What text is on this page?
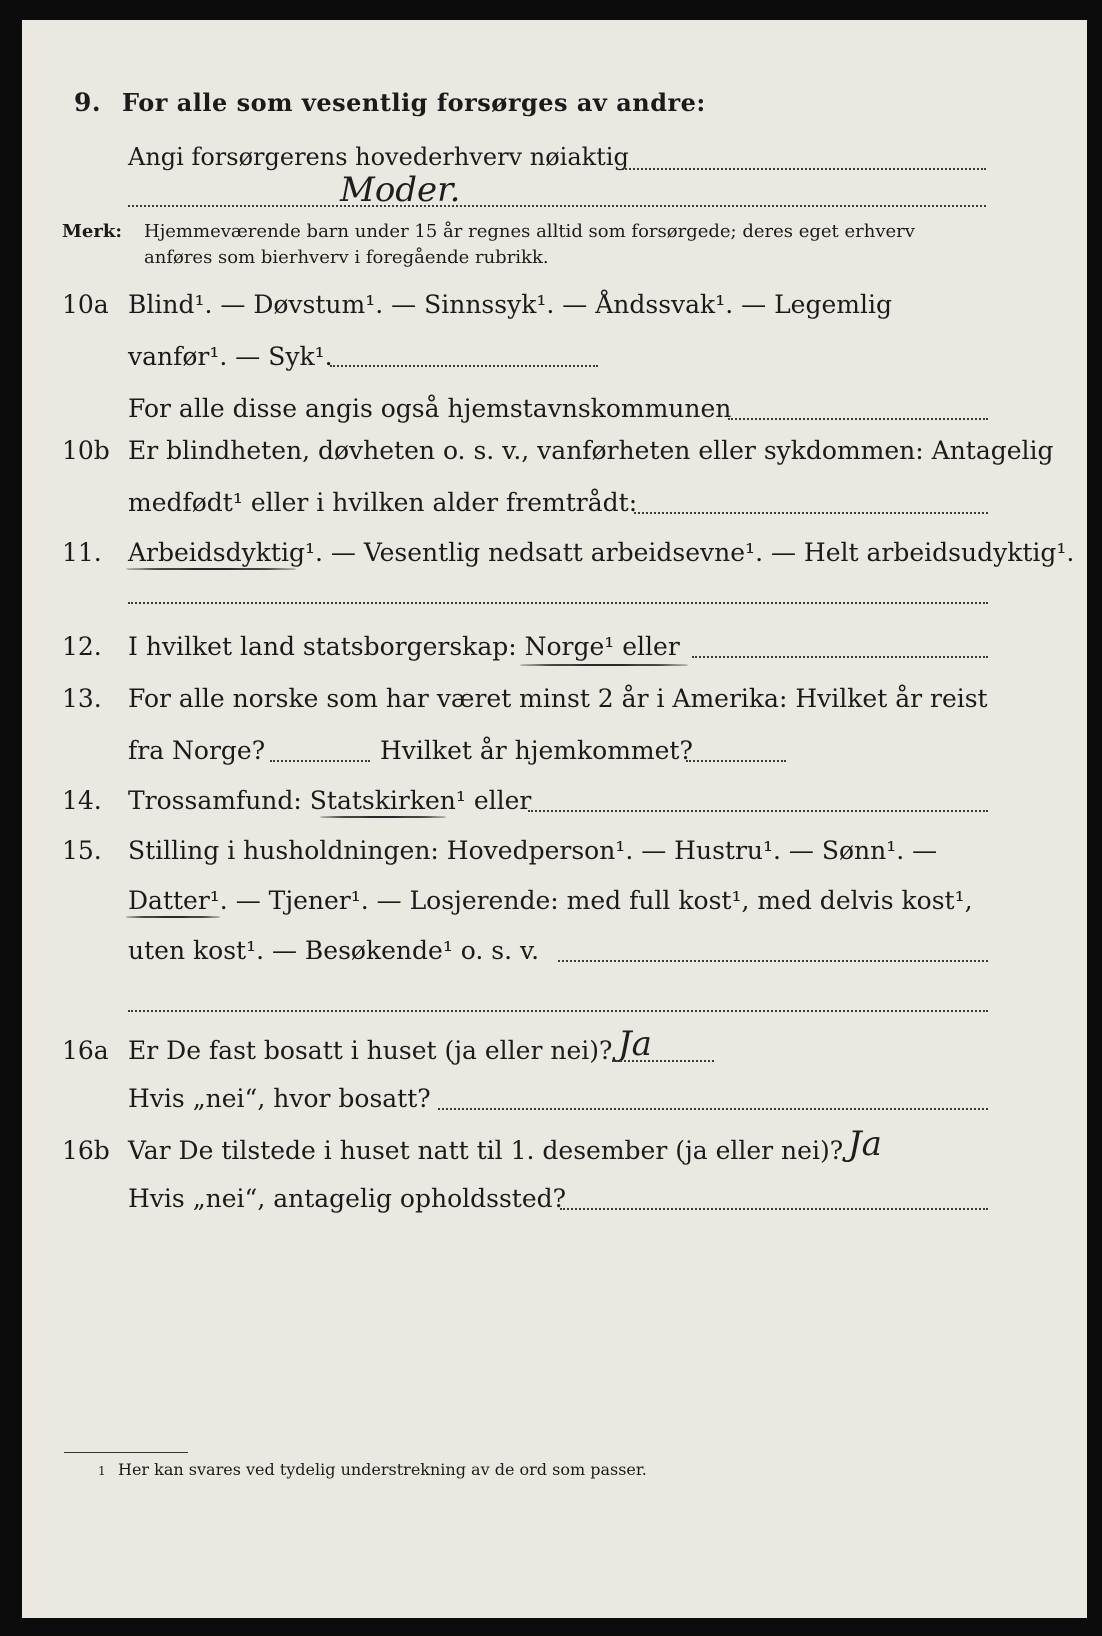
9. For alle som vesentlig forsørges av andre:
Angi forsørgerens hovederhverv nøiaktig
Moder.
Merk: Hjemmeværende barn under 15 år regnes alltid som forsørgede; deres eget erhverv
anføres som bierhverv i foregående rubrikk.
10a Blind¹. — Døvstum¹. — Sinnssyk¹. — Åndssvak¹. — Legemlig
vanfør¹. — Syk¹.
For alle disse angis også hjemstavnskommunen
10b Er blindheten, døvheten o. s. v., vanførheten eller sykdommen: Antagelig
medfødt¹ eller i hvilken alder fremtrådt:
11. Arbeidsdyktig¹. — Vesentlig nedsatt arbeidsevne¹. — Helt arbeidsudyktig¹.
12. I hvilket land statsborgerskap: Norge¹ eller
13. For alle norske som har været minst 2 år i Amerika: Hvilket år reist
fra Norge?	Hvilket år hjemkommet?
14. Trossamfund: Statskirken¹ eller
15. Stilling i husholdningen: Hovedperson¹. — Hustru¹. — Sønn¹. —
Datter¹. — Tjener¹. — Losjerende: med full kost¹, med delvis kost¹,
uten kost¹. — Besøkende¹ o. s. v.
16a Er De fast bosatt i huset (ja eller nei)? Ja
Hvis „nei“, hvor bosatt?
16b Var De tilstede i huset natt til 1. desember (ja eller nei)? Ja
Hvis „nei“, antagelig opholdssted?
1 Her kan svares ved tydelig understrekning av de ord som passer.
